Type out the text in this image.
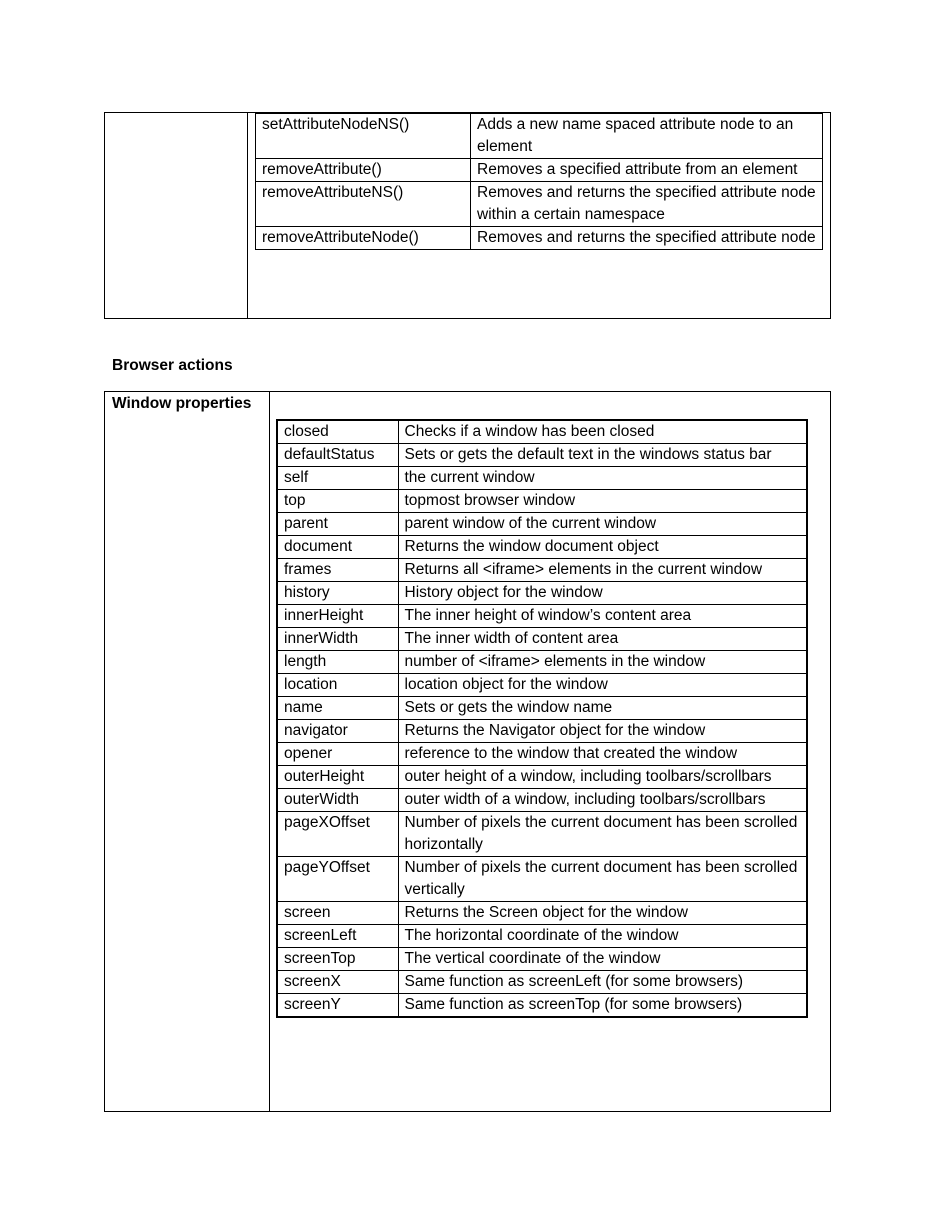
setAttributeNodeNS()	Adds a new name spaced attribute node to an element
removeAttribute()	Removes a specified attribute from an element
removeAttributeNS()	Removes and returns the specified attribute node within a certain namespace
removeAttributeNode()	Removes and returns the specified attribute node
Browser actions
Window properties
closed	Checks if a window has been closed
defaultStatus	Sets or gets the default text in the windows status bar
self	the current window
top	topmost browser window
parent	parent window of the current window
document	Returns the window document object
frames	Returns all <iframe> elements in the current window
history	History object for the window
innerHeight	The inner height of window’s content area
innerWidth	The inner width of content area
length	number of <iframe> elements in the window
location	location object for the window
name	Sets or gets the window name
navigator	Returns the Navigator object for the window
opener	reference to the window that created the window
outerHeight	outer height of a window, including toolbars/scrollbars
outerWidth	outer width of a window, including toolbars/scrollbars
pageXOffset	Number of pixels the current document has been scrolled horizontally
pageYOffset	Number of pixels the current document has been scrolled vertically
screen	Returns the Screen object for the window
screenLeft	The horizontal coordinate of the window
screenTop	The vertical coordinate of the window
screenX	Same function as screenLeft (for some browsers)
screenY	Same function as screenTop (for some browsers)
